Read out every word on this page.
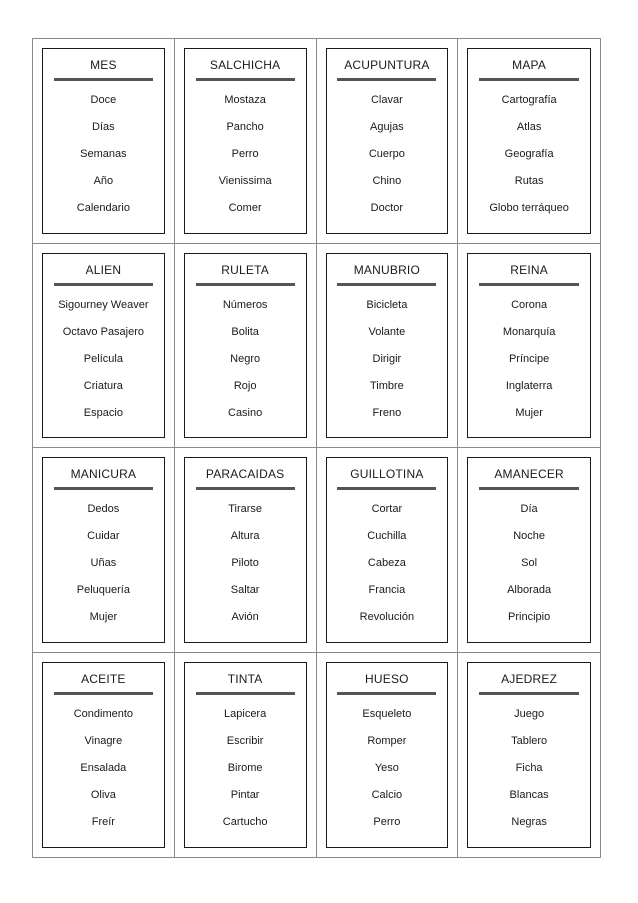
MES
Doce
Días
Semanas
Año
Calendario
SALCHICHA
Mostaza
Pancho
Perro
Vienissima
Comer
ACUPUNTURA
Clavar
Agujas
Cuerpo
Chino
Doctor
MAPA
Cartografía
Atlas
Geografía
Rutas
Globo terráqueo
ALIEN
Sigourney Weaver
Octavo Pasajero
Película
Criatura
Espacio
RULETA
Números
Bolita
Negro
Rojo
Casino
MANUBRIO
Bicicleta
Volante
Dirigir
Timbre
Freno
REINA
Corona
Monarquía
Príncipe
Inglaterra
Mujer
MANICURA
Dedos
Cuidar
Uñas
Peluquería
Mujer
PARACAIDAS
Tirarse
Altura
Piloto
Saltar
Avión
GUILLOTINA
Cortar
Cuchilla
Cabeza
Francia
Revolución
AMANECER
Día
Noche
Sol
Alborada
Principio
ACEITE
Condimento
Vinagre
Ensalada
Oliva
Freír
TINTA
Lapicera
Escribir
Birome
Pintar
Cartucho
HUESO
Esqueleto
Romper
Yeso
Calcio
Perro
AJEDREZ
Juego
Tablero
Ficha
Blancas
Negras
